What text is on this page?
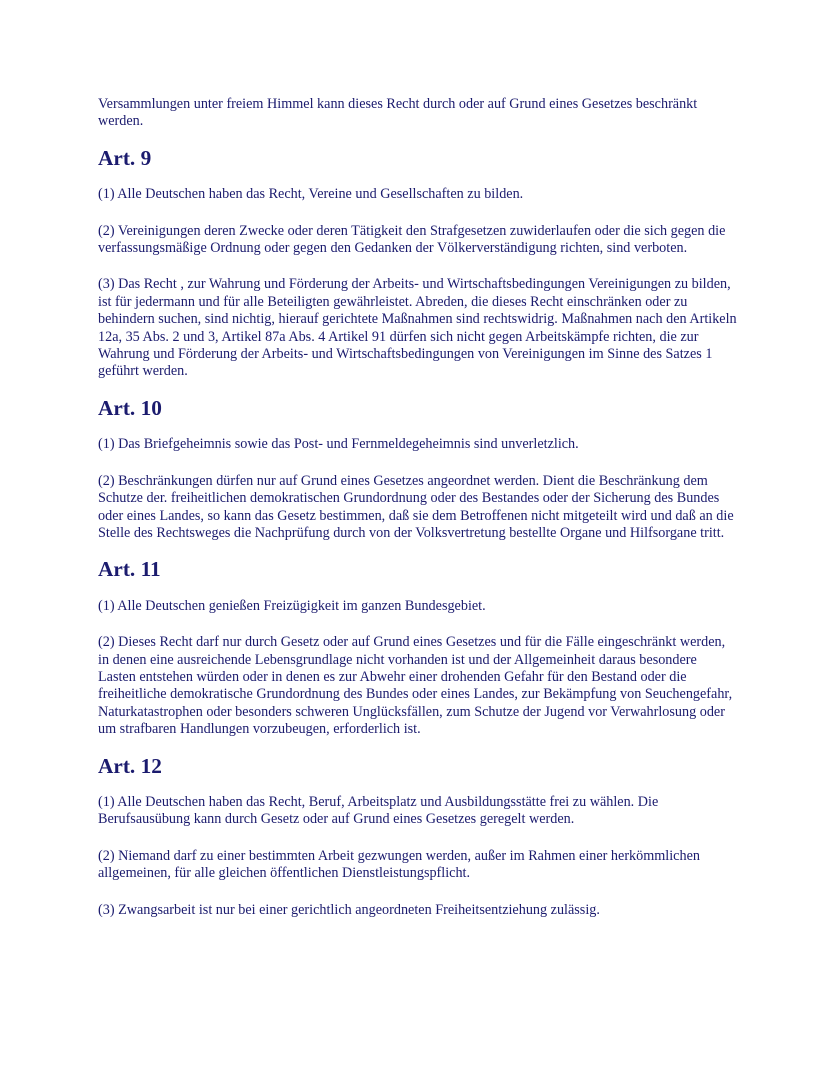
Versammlungen unter freiem Himmel kann dieses Recht durch oder auf Grund eines Gesetzes beschränkt werden.

Art. 9

(1) Alle Deutschen haben das Recht, Vereine und Gesellschaften zu bilden.

(2) Vereinigungen deren Zwecke oder deren Tätigkeit den Strafgesetzen zuwiderlaufen oder die sich gegen die verfassungsmäßige Ordnung oder gegen den Gedanken der Völkerverständigung richten, sind verboten.

(3) Das Recht , zur Wahrung und Förderung der Arbeits- und Wirtschaftsbedingungen Vereinigungen zu bilden, ist für jedermann und für alle Beteiligten gewährleistet. Abreden, die dieses Recht einschränken oder zu behindern suchen, sind nichtig, hierauf gerichtete Maßnahmen sind rechtswidrig. Maßnahmen nach den Artikeln 12a, 35 Abs. 2 und 3, Artikel 87a Abs. 4 Artikel 91 dürfen sich nicht gegen Arbeitskämpfe richten, die zur Wahrung und Förderung der Arbeits- und Wirtschaftsbedingungen von Vereinigungen im Sinne des Satzes 1 geführt werden.

Art. 10

(1) Das Briefgeheimnis sowie das Post- und Fernmeldegeheimnis sind unverletzlich.

(2) Beschränkungen dürfen nur auf Grund eines Gesetzes angeordnet werden. Dient die Beschränkung dem Schutze der. freiheitlichen demokratischen Grundordnung oder des Bestandes oder der Sicherung des Bundes oder eines Landes, so kann das Gesetz bestimmen, daß sie dem Betroffenen nicht mitgeteilt wird und daß an die Stelle des Rechtsweges die Nachprüfung durch von der Volksvertretung bestellte Organe und Hilfsorgane tritt.

Art. 11

(1) Alle Deutschen genießen Freizügigkeit im ganzen Bundesgebiet.

(2) Dieses Recht darf nur durch Gesetz oder auf Grund eines Gesetzes und für die Fälle eingeschränkt werden, in denen eine ausreichende Lebensgrundlage nicht vorhanden ist und der Allgemeinheit daraus besondere Lasten entstehen würden oder in denen es zur Abwehr einer drohenden Gefahr für den Bestand oder die freiheitliche demokratische Grundordnung des Bundes oder eines Landes, zur Bekämpfung von Seuchengefahr, Naturkatastrophen oder besonders schweren Unglücksfällen, zum Schutze der Jugend vor Verwahrlosung oder um strafbaren Handlungen vorzubeugen, erforderlich ist.

Art. 12

(1) Alle Deutschen haben das Recht, Beruf, Arbeitsplatz und Ausbildungsstätte frei zu wählen. Die Berufsausübung kann durch Gesetz oder auf Grund eines Gesetzes geregelt werden.

(2) Niemand darf zu einer bestimmten Arbeit gezwungen werden, außer im Rahmen einer herkömmlichen allgemeinen, für alle gleichen öffentlichen Dienstleistungspflicht.

(3) Zwangsarbeit ist nur bei einer gerichtlich angeordneten Freiheitsentziehung zulässig.
